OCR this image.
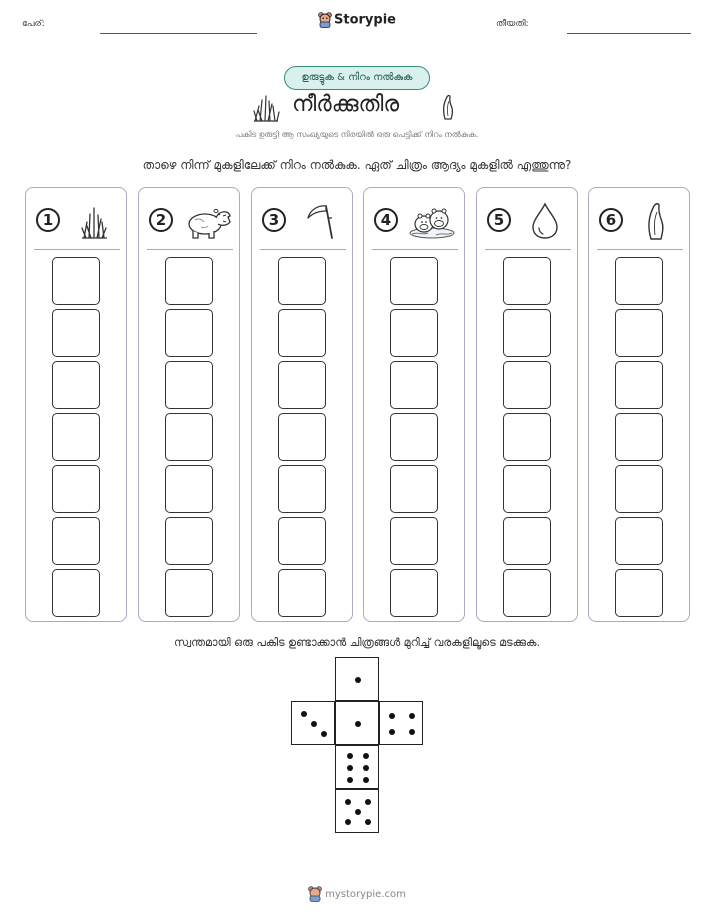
പേര്:	Storypie	തീയതി:
ഉരുട്ടുക & നിറം നൽകുക
നീർക്കുതിര
പകിട ഉരുട്ടി ആ സംഖ്യയുടെ നിരയിൽ ഒരു പെട്ടിക്ക് നിറം നൽകുക.
താഴെ നിന്ന് മുകളിലേക്ക് നിറം നൽകുക. ഏത് ചിത്രം ആദ്യം മുകളിൽ എത്തുന്നു?
1	2	3	4	5	6
സ്വന്തമായി ഒരു പകിട ഉണ്ടാക്കാൻ ചിത്രങ്ങൾ മുറിച്ച് വരകളിലൂടെ മടക്കുക.
mystorypie.com
